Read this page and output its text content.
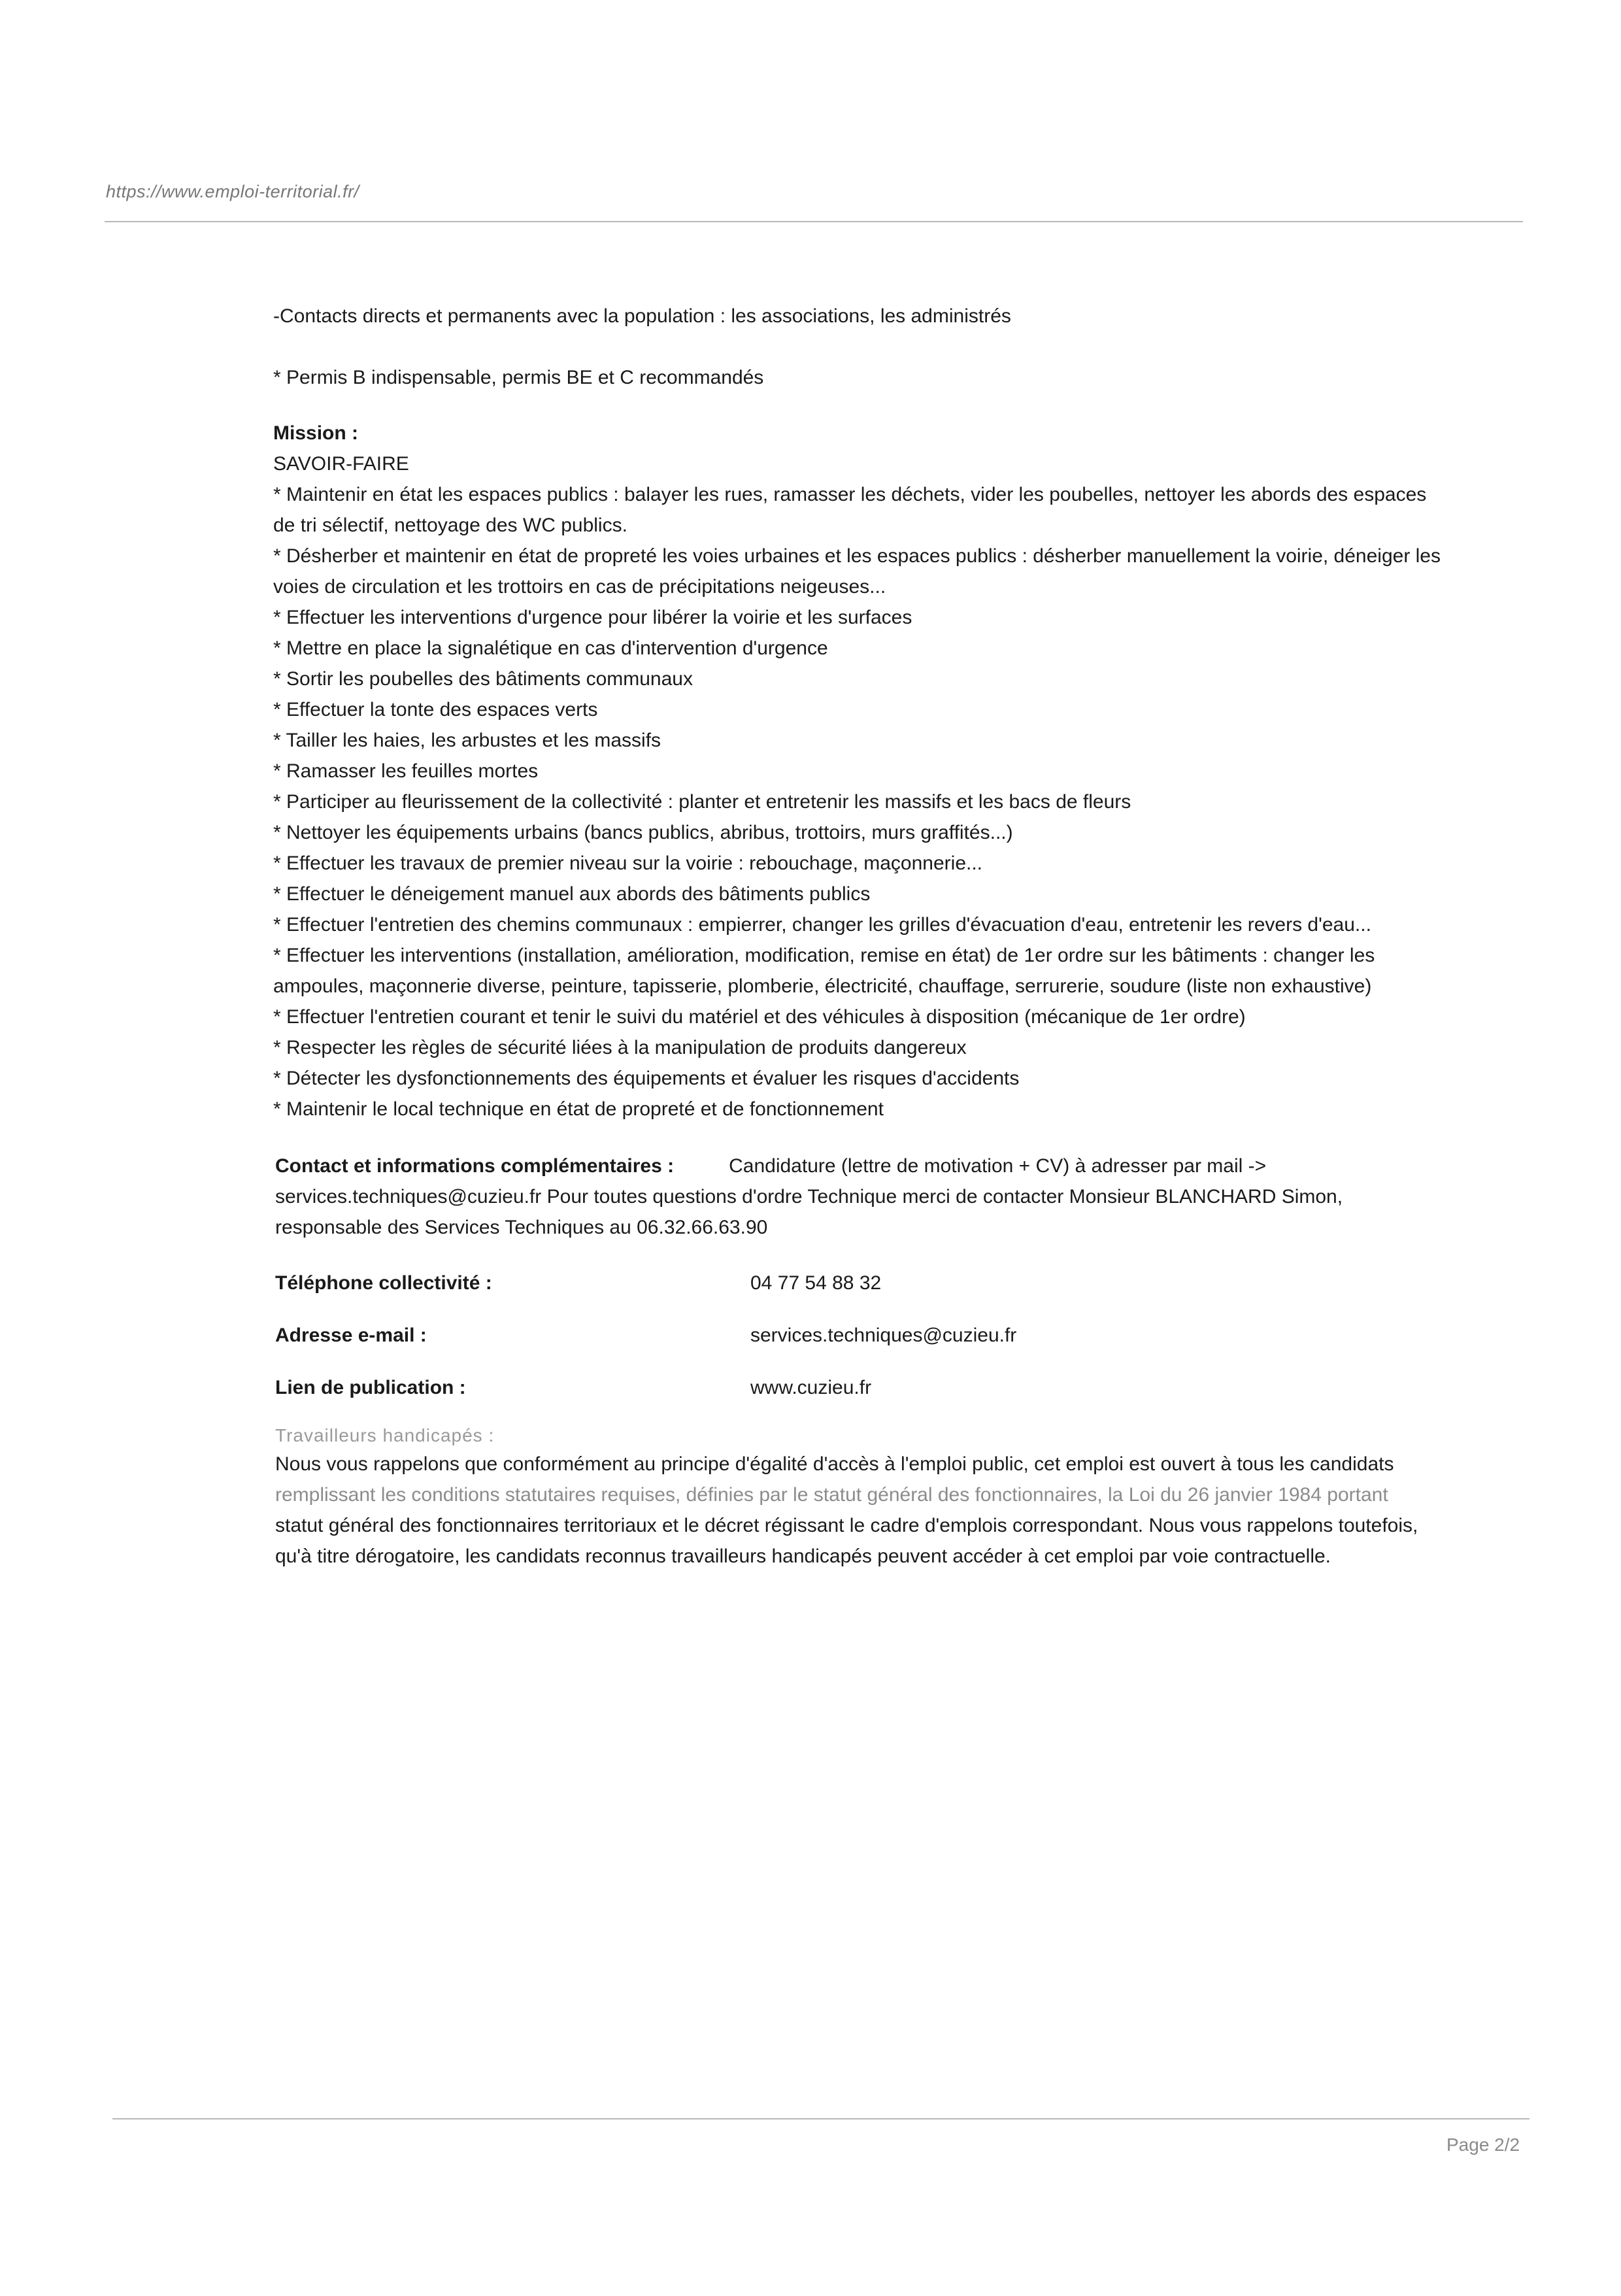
https://www.emploi-territorial.fr/

-Contacts directs et permanents avec la population : les associations, les administrés

* Permis B indispensable, permis BE et C recommandés

Mission :

SAVOIR-FAIRE

* Maintenir en état les espaces publics : balayer les rues, ramasser les déchets, vider les poubelles, nettoyer les abords des espaces de tri sélectif, nettoyage des WC publics.
* Désherber et maintenir en état de propreté les voies urbaines et les espaces publics : désherber manuellement la voirie, déneiger les voies de circulation et les trottoirs en cas de précipitations neigeuses...
* Effectuer les interventions d'urgence pour libérer la voirie et les surfaces
* Mettre en place la signalétique en cas d'intervention d'urgence
* Sortir les poubelles des bâtiments communaux
* Effectuer la tonte des espaces verts
* Tailler les haies, les arbustes et les massifs
* Ramasser les feuilles mortes
* Participer au fleurissement de la collectivité : planter et entretenir les massifs et les bacs de fleurs
* Nettoyer les équipements urbains (bancs publics, abribus, trottoirs, murs graffités...)
* Effectuer les travaux de premier niveau sur la voirie : rebouchage, maçonnerie...
* Effectuer le déneigement manuel aux abords des bâtiments publics
* Effectuer l'entretien des chemins communaux : empierrer, changer les grilles d'évacuation d'eau, entretenir les revers d'eau...
* Effectuer les interventions (installation, amélioration, modification, remise en état) de 1er ordre sur les bâtiments : changer les ampoules, maçonnerie diverse, peinture, tapisserie, plomberie, électricité, chauffage, serrurerie, soudure (liste non exhaustive)
* Effectuer l'entretien courant et tenir le suivi du matériel et des véhicules à disposition (mécanique de 1er ordre)
* Respecter les règles de sécurité liées à la manipulation de produits dangereux
* Détecter les dysfonctionnements des équipements et évaluer les risques d'accidents
* Maintenir le local technique en état de propreté et de fonctionnement
Contact et informations complémentaires :	Candidature (lettre de motivation + CV) à adresser par mail -> services.techniques@cuzieu.fr Pour toutes questions d'ordre Technique merci de contacter Monsieur BLANCHARD Simon, responsable des Services Techniques au 06.32.66.63.90
Téléphone collectivité :	04 77 54 88 32
Adresse e-mail :	services.techniques@cuzieu.fr
Lien de publication :	www.cuzieu.fr

Travailleurs handicapés :

Nous vous rappelons que conformément au principe d'égalité d'accès à l'emploi public, cet emploi est ouvert à tous les candidats

remplissant les conditions statutaires requises, définies par le statut général des fonctionnaires, la Loi du 26 janvier 1984 portant

statut général des fonctionnaires territoriaux et le décret régissant le cadre d'emplois correspondant. Nous vous rappelons toutefois, qu'à titre dérogatoire, les candidats reconnus travailleurs handicapés peuvent accéder à cet emploi par voie contractuelle.

Page 2/2
